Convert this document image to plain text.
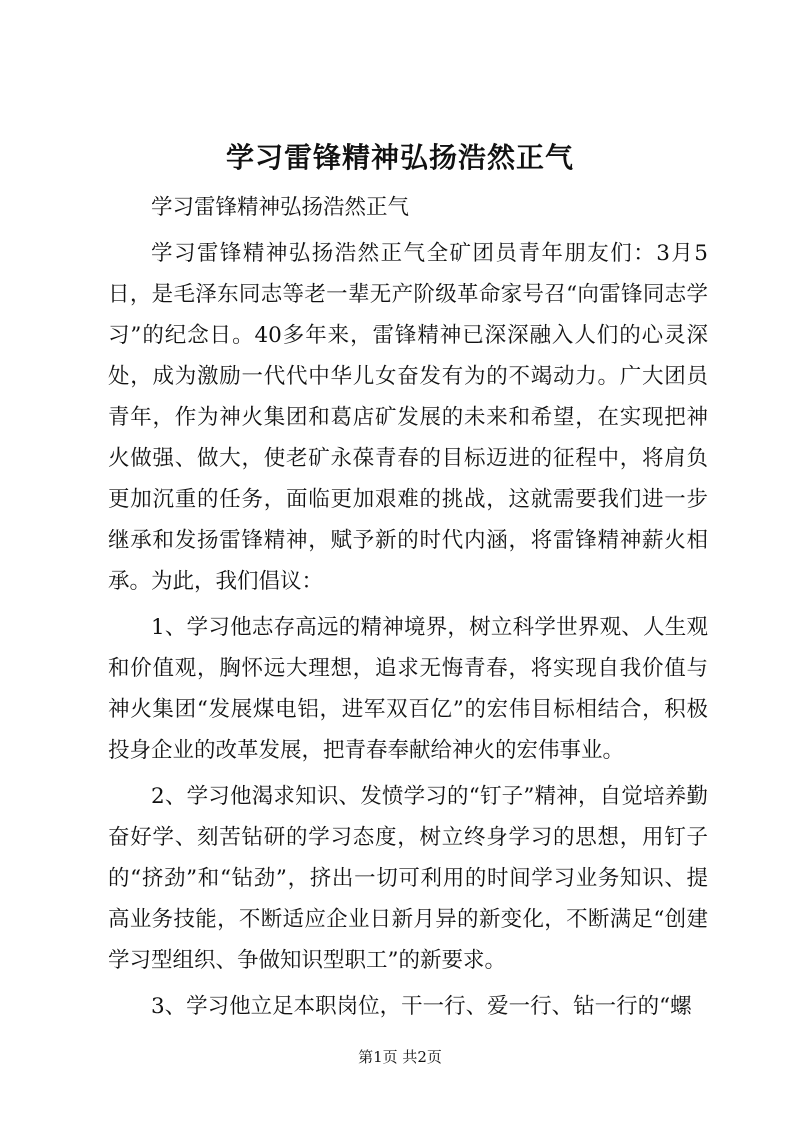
学习雷锋精神弘扬浩然正气

学习雷锋精神弘扬浩然正气

学习雷锋精神弘扬浩然正气全矿团员青年朋友们：3月5日，是毛泽东同志等老一辈无产阶级革命家号召“向雷锋同志学习”的纪念日。40多年来，雷锋精神已深深融入人们的心灵深处，成为激励一代代中华儿女奋发有为的不竭动力。广大团员青年，作为神火集团和葛店矿发展的未来和希望，在实现把神火做强、做大，使老矿永葆青春的目标迈进的征程中，将肩负更加沉重的任务，面临更加艰难的挑战，这就需要我们进一步继承和发扬雷锋精神，赋予新的时代内涵，将雷锋精神薪火相承。为此，我们倡议：

1、学习他志存高远的精神境界，树立科学世界观、人生观和价值观，胸怀远大理想，追求无悔青春，将实现自我价值与神火集团“发展煤电铝，进军双百亿”的宏伟目标相结合，积极投身企业的改革发展，把青春奉献给神火的宏伟事业。

2、学习他渴求知识、发愤学习的“钉子”精神，自觉培养勤奋好学、刻苦钻研的学习态度，树立终身学习的思想，用钉子的“挤劲”和“钻劲”，挤出一切可利用的时间学习业务知识、提高业务技能，不断适应企业日新月异的新变化，不断满足“创建学习型组织、争做知识型职工”的新要求。

3、学习他立足本职岗位，干一行、爱一行、钻一行的“螺

第1页 共2页
